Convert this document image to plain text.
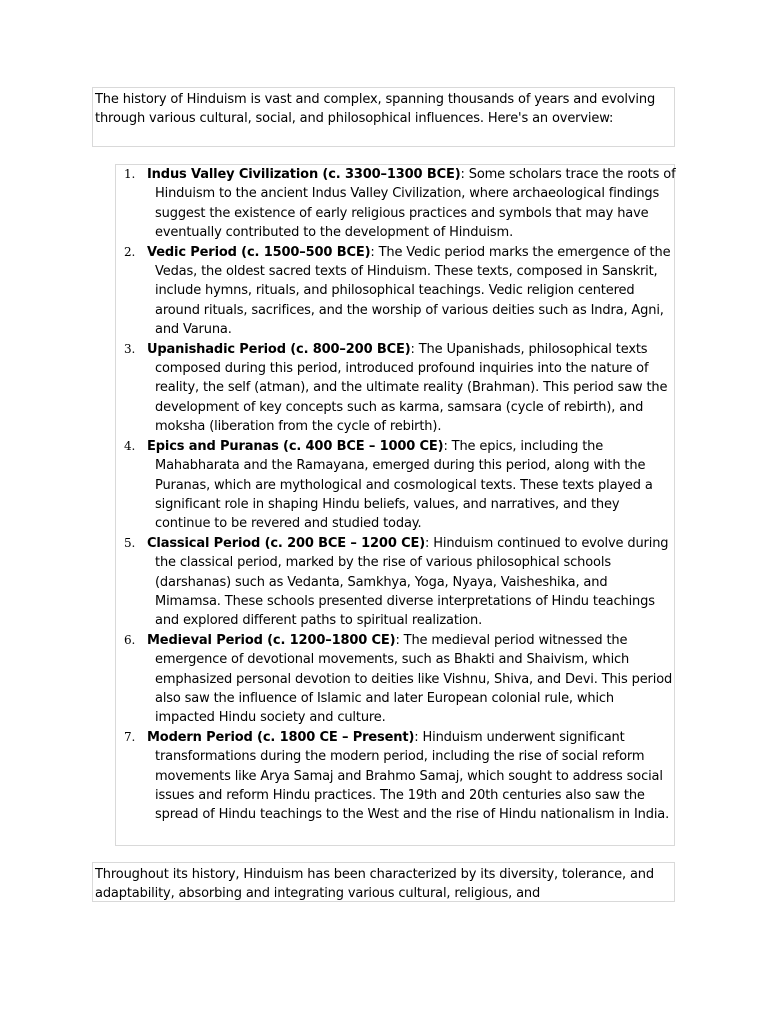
The history of Hinduism is vast and complex, spanning thousands of years and evolving through various cultural, social, and philosophical influences. Here's an overview:
1. Indus Valley Civilization (c. 3300–1300 BCE): Some scholars trace the roots of Hinduism to the ancient Indus Valley Civilization, where archaeological findings suggest the existence of early religious practices and symbols that may have eventually contributed to the development of Hinduism.
2. Vedic Period (c. 1500–500 BCE): The Vedic period marks the emergence of the Vedas, the oldest sacred texts of Hinduism. These texts, composed in Sanskrit, include hymns, rituals, and philosophical teachings. Vedic religion centered around rituals, sacrifices, and the worship of various deities such as Indra, Agni, and Varuna.
3. Upanishadic Period (c. 800–200 BCE): The Upanishads, philosophical texts composed during this period, introduced profound inquiries into the nature of reality, the self (atman), and the ultimate reality (Brahman). This period saw the development of key concepts such as karma, samsara (cycle of rebirth), and moksha (liberation from the cycle of rebirth).
4. Epics and Puranas (c. 400 BCE – 1000 CE): The epics, including the Mahabharata and the Ramayana, emerged during this period, along with the Puranas, which are mythological and cosmological texts. These texts played a significant role in shaping Hindu beliefs, values, and narratives, and they continue to be revered and studied today.
5. Classical Period (c. 200 BCE – 1200 CE): Hinduism continued to evolve during the classical period, marked by the rise of various philosophical schools (darshanas) such as Vedanta, Samkhya, Yoga, Nyaya, Vaisheshika, and Mimamsa. These schools presented diverse interpretations of Hindu teachings and explored different paths to spiritual realization.
6. Medieval Period (c. 1200–1800 CE): The medieval period witnessed the emergence of devotional movements, such as Bhakti and Shaivism, which emphasized personal devotion to deities like Vishnu, Shiva, and Devi. This period also saw the influence of Islamic and later European colonial rule, which impacted Hindu society and culture.
7. Modern Period (c. 1800 CE – Present): Hinduism underwent significant transformations during the modern period, including the rise of social reform movements like Arya Samaj and Brahmo Samaj, which sought to address social issues and reform Hindu practices. The 19th and 20th centuries also saw the spread of Hindu teachings to the West and the rise of Hindu nationalism in India.
Throughout its history, Hinduism has been characterized by its diversity, tolerance, and adaptability, absorbing and integrating various cultural, religious, and
